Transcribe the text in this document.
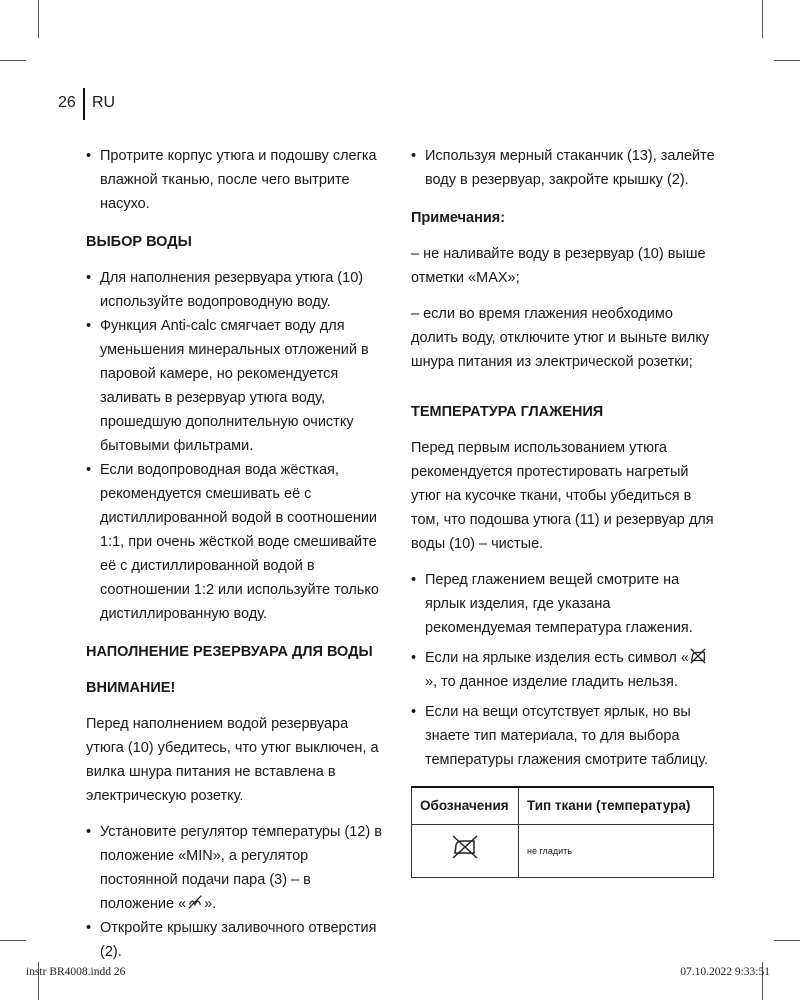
26 RU
• Протрите корпус утюга и подошву слегка влажной тканью, после чего вытрите насухо.
ВЫБОР ВОДЫ
• Для наполнения резервуара утюга (10) используйте водопроводную воду.
• Функция Anti-calc смягчает воду для уменьшения минеральных отложений в паровой камере, но рекомендуется заливать в резервуар утюга воду, прошедшую дополнительную очистку бытовыми фильтрами.
• Если водопроводная вода жёсткая, рекомендуется смешивать её с дистиллированной водой в соотношении 1:1, при очень жёсткой воде смешивайте её с дистиллированной водой в соотношении 1:2 или используйте только дистиллированную воду.
НАПОЛНЕНИЕ РЕЗЕРВУАРА ДЛЯ ВОДЫ
ВНИМАНИЕ!

Перед наполнением водой резервуара утюга (10) убедитесь, что утюг выключен, а вилка шнура питания не вставлена в электрическую розетку.

• Установите регулятор температуры (12) в положение «MIN», а регулятор постоянной подачи пара (3) – в положение « ».
• Откройте крышку заливочного отверстия (2).
• Используя мерный стаканчик (13), залейте воду в резервуар, закройте крышку (2).
Примечания:

– не наливайте воду в резервуар (10) выше отметки «MAX»;

– если во время глажения необходимо долить воду, отключите утюг и выньте вилку шнура питания из электрической розетки;

ТЕМПЕРАТУРА ГЛАЖЕНИЯ

Перед первым использованием утюга рекомендуется протестировать нагретый утюг на кусочке ткани, чтобы убедиться в том, что подошва утюга (11) и резервуар для воды (10) – чистые.

• Перед глажением вещей смотрите на ярлык изделия, где указана рекомендуемая температура глажения.
• Если на ярлыке изделия есть символ «», то данное изделие гладить нельзя.
• Если на вещи отсутствует ярлык, но вы знаете тип материала, то для выбора температуры глажения смотрите таблицу.
Обозначения	Тип ткани (температура)
	не гладить
instr BR4008.indd 26	07.10.2022 9:33:51
